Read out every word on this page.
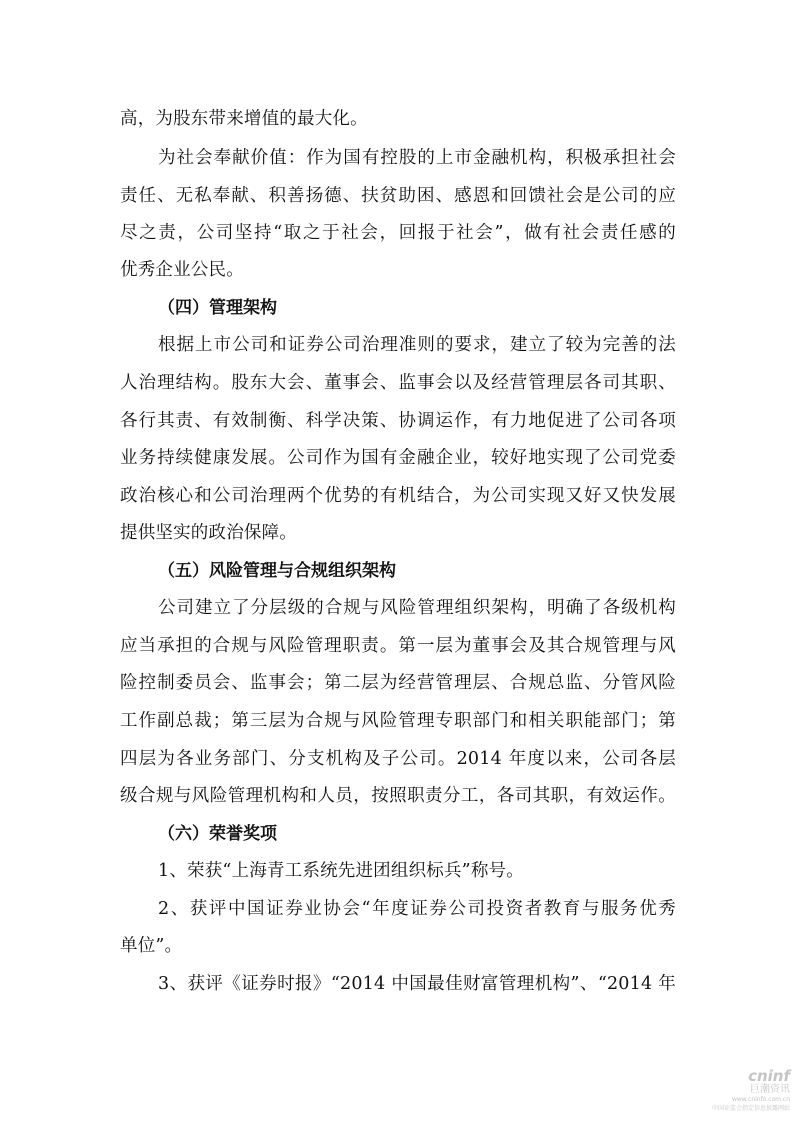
高，为股东带来增值的最大化。
为社会奉献价值：作为国有控股的上市金融机构，积极承担社会
责任、无私奉献、积善扬德、扶贫助困、感恩和回馈社会是公司的应
尽之责，公司坚持“取之于社会，回报于社会”，做有社会责任感的
优秀企业公民。
（四）管理架构
根据上市公司和证券公司治理准则的要求，建立了较为完善的法
人治理结构。股东大会、董事会、监事会以及经营管理层各司其职、
各行其责、有效制衡、科学决策、协调运作，有力地促进了公司各项
业务持续健康发展。公司作为国有金融企业，较好地实现了公司党委
政治核心和公司治理两个优势的有机结合，为公司实现又好又快发展
提供坚实的政治保障。
（五）风险管理与合规组织架构
公司建立了分层级的合规与风险管理组织架构，明确了各级机构
应当承担的合规与风险管理职责。第一层为董事会及其合规管理与风
险控制委员会、监事会；第二层为经营管理层、合规总监、分管风险
工作副总裁；第三层为合规与风险管理专职部门和相关职能部门；第
四层为各业务部门、分支机构及子公司。2014 年度以来，公司各层
级合规与风险管理机构和人员，按照职责分工，各司其职，有效运作。
（六）荣誉奖项
1、荣获“上海青工系统先进团组织标兵”称号。
2、获评中国证券业协会“年度证券公司投资者教育与服务优秀
单位”。
3、获评《证券时报》“2014 中国最佳财富管理机构”、“2014 年
cninf
巨潮资讯
www.cninfo.com.cn
中国证监会指定信息披露网站
